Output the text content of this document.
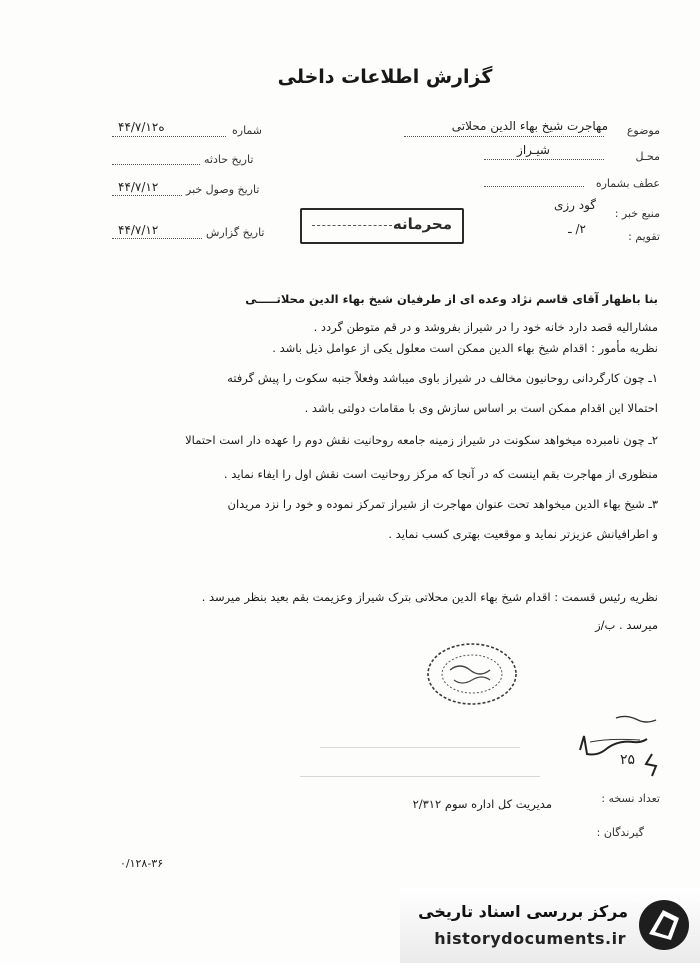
گزارش اطلاعات داخلی
موضوع
مهاجرت شیخ بهاء الدین محلاتی
محـل
شیـراز
عطف بشماره
منبع خبر :
گود رزی
تقویم :
۲/ ـ
شماره
۴۴/۷/۱۲ه
تاریخ حادثه
تاریخ وصول خبر
۴۴/۷/۱۲
تاریخ گزارش
۴۴/۷/۱۲	محرمانه
بنا باظهار آقای قاسم نژاد وعده ای از طرفیان شیخ بهاء الدین محلاتـــــی
مشارالیه قصد دارد خانه خود را در شیراز بفروشد و در قم متوطن گردد .
نظریه مأمور : اقدام شیخ بهاء الدین ممکن است معلول یکی از عوامل ذیل باشد .
۱ـ چون کارگردانی روحانیون مخالف در شیراز باوی میباشد وفعلاً جنبه سکوت را پیش گرفته
احتمالا این اقدام ممکن است بر اساس سازش وی با مقامات دولتی باشد .
۲ـ چون نامبرده میخواهد سکونت در شیراز زمینه جامعه روحانیت نقش دوم را عهده دار است احتمالا
منظوری از مهاجرت بقم اینست که در آنجا که مرکز روحانیت است نقش اول را ایفاء نماید .
۳ـ شیخ بهاء الدین میخواهد تحت عنوان مهاجرت از شیراز تمرکز نموده و خود را نزد مریدان
و اطرافیانش عزیزتر نماید و موقعیت بهتری کسب نماید .
نظریه رئیس قسمت : اقدام شیخ بهاء الدین محلاتی بترک شیراز وعزیمت بقم بعید بنظر میرسد .
میرسد . ب/ز
۲۵
تعداد نسخه :
مدیریت کل اداره سوم ۲/۳۱۲
گیرندگان :
۰/۱۲۸-۳۶
مرکز بررسی اسناد تاریخی
historydocuments.ir
